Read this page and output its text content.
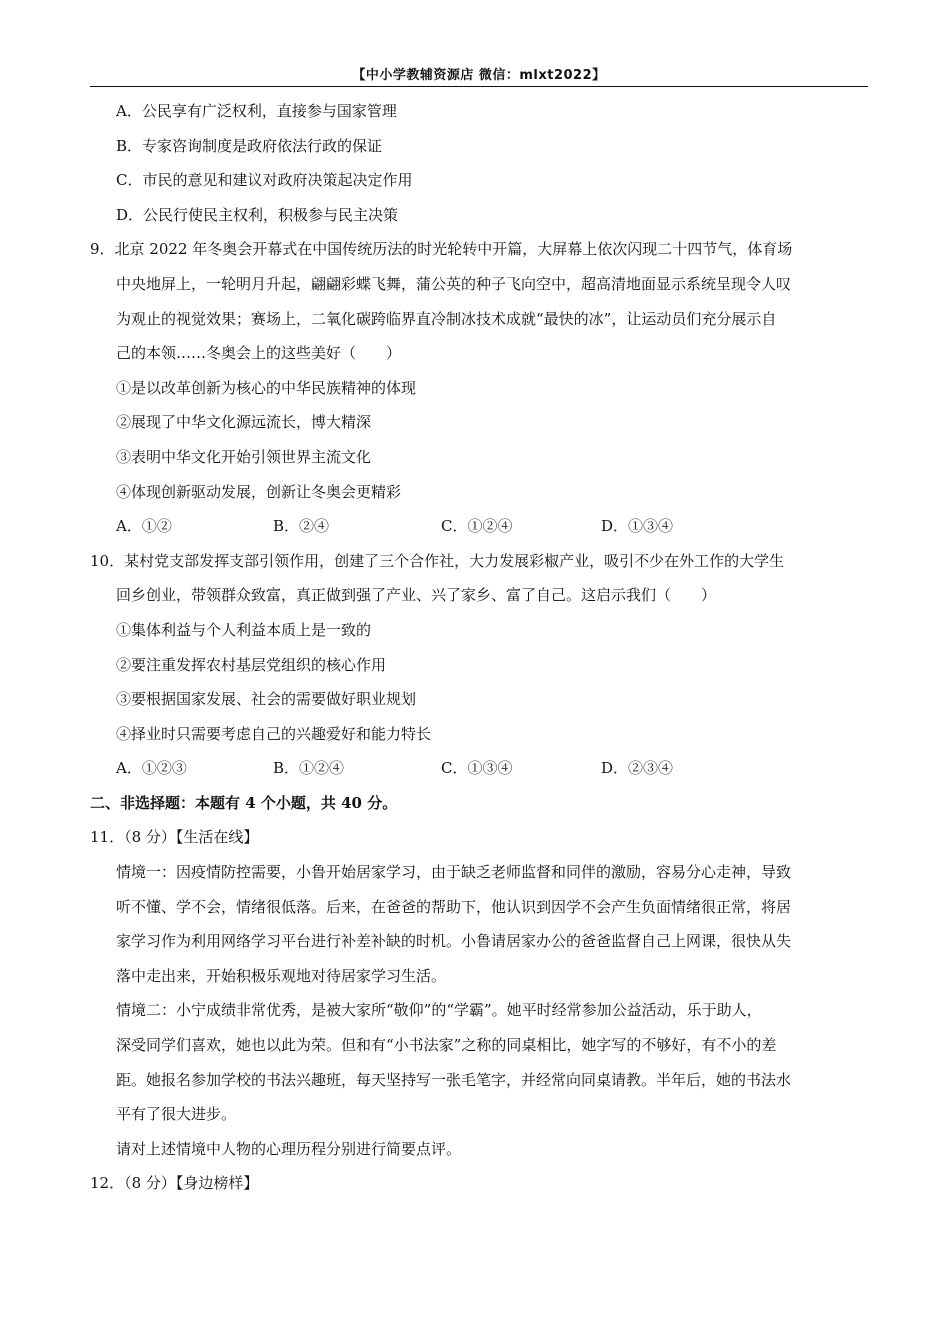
【中小学教辅资源店 微信：mlxt2022】
A．公民享有广泛权利，直接参与国家管理
B．专家咨询制度是政府依法行政的保证
C．市民的意见和建议对政府决策起决定作用
D．公民行使民主权利，积极参与民主决策
9．北京 2022 年冬奥会开幕式在中国传统历法的时光轮转中开篇，大屏幕上依次闪现二十四节气，体育场
中央地屏上，一轮明月升起，翩翩彩蝶飞舞，蒲公英的种子飞向空中，超高清地面显示系统呈现令人叹
为观止的视觉效果；赛场上，二氧化碳跨临界直冷制冰技术成就“最快的冰”，让运动员们充分展示自
己的本领……冬奥会上的这些美好（　　）
①是以改革创新为核心的中华民族精神的体现
②展现了中华文化源远流长，博大精深
③表明中华文化开始引领世界主流文化
④体现创新驱动发展，创新让冬奥会更精彩
A．①②	B．②④	C．①②④	D．①③④
10．某村党支部发挥支部引领作用，创建了三个合作社，大力发展彩椒产业，吸引不少在外工作的大学生
回乡创业，带领群众致富，真正做到强了产业、兴了家乡、富了自己。这启示我们（　　）
①集体利益与个人利益本质上是一致的
②要注重发挥农村基层党组织的核心作用
③要根据国家发展、社会的需要做好职业规划
④择业时只需要考虑自己的兴趣爱好和能力特长
A．①②③	B．①②④	C．①③④	D．②③④
二、非选择题：本题有 4 个小题，共 40 分。
11．（8 分）【生活在线】
情境一：因疫情防控需要，小鲁开始居家学习，由于缺乏老师监督和同伴的激励，容易分心走神，导致
听不懂、学不会，情绪很低落。后来，在爸爸的帮助下，他认识到因学不会产生负面情绪很正常，将居
家学习作为利用网络学习平台进行补差补缺的时机。小鲁请居家办公的爸爸监督自己上网课，很快从失
落中走出来，开始积极乐观地对待居家学习生活。
情境二：小宁成绩非常优秀，是被大家所“敬仰”的“学霸”。她平时经常参加公益活动，乐于助人，
深受同学们喜欢，她也以此为荣。但和有“小书法家”之称的同桌相比，她字写的不够好，有不小的差
距。她报名参加学校的书法兴趣班，每天坚持写一张毛笔字，并经常向同桌请教。半年后，她的书法水
平有了很大进步。
请对上述情境中人物的心理历程分别进行简要点评。
12．（8 分）【身边榜样】
